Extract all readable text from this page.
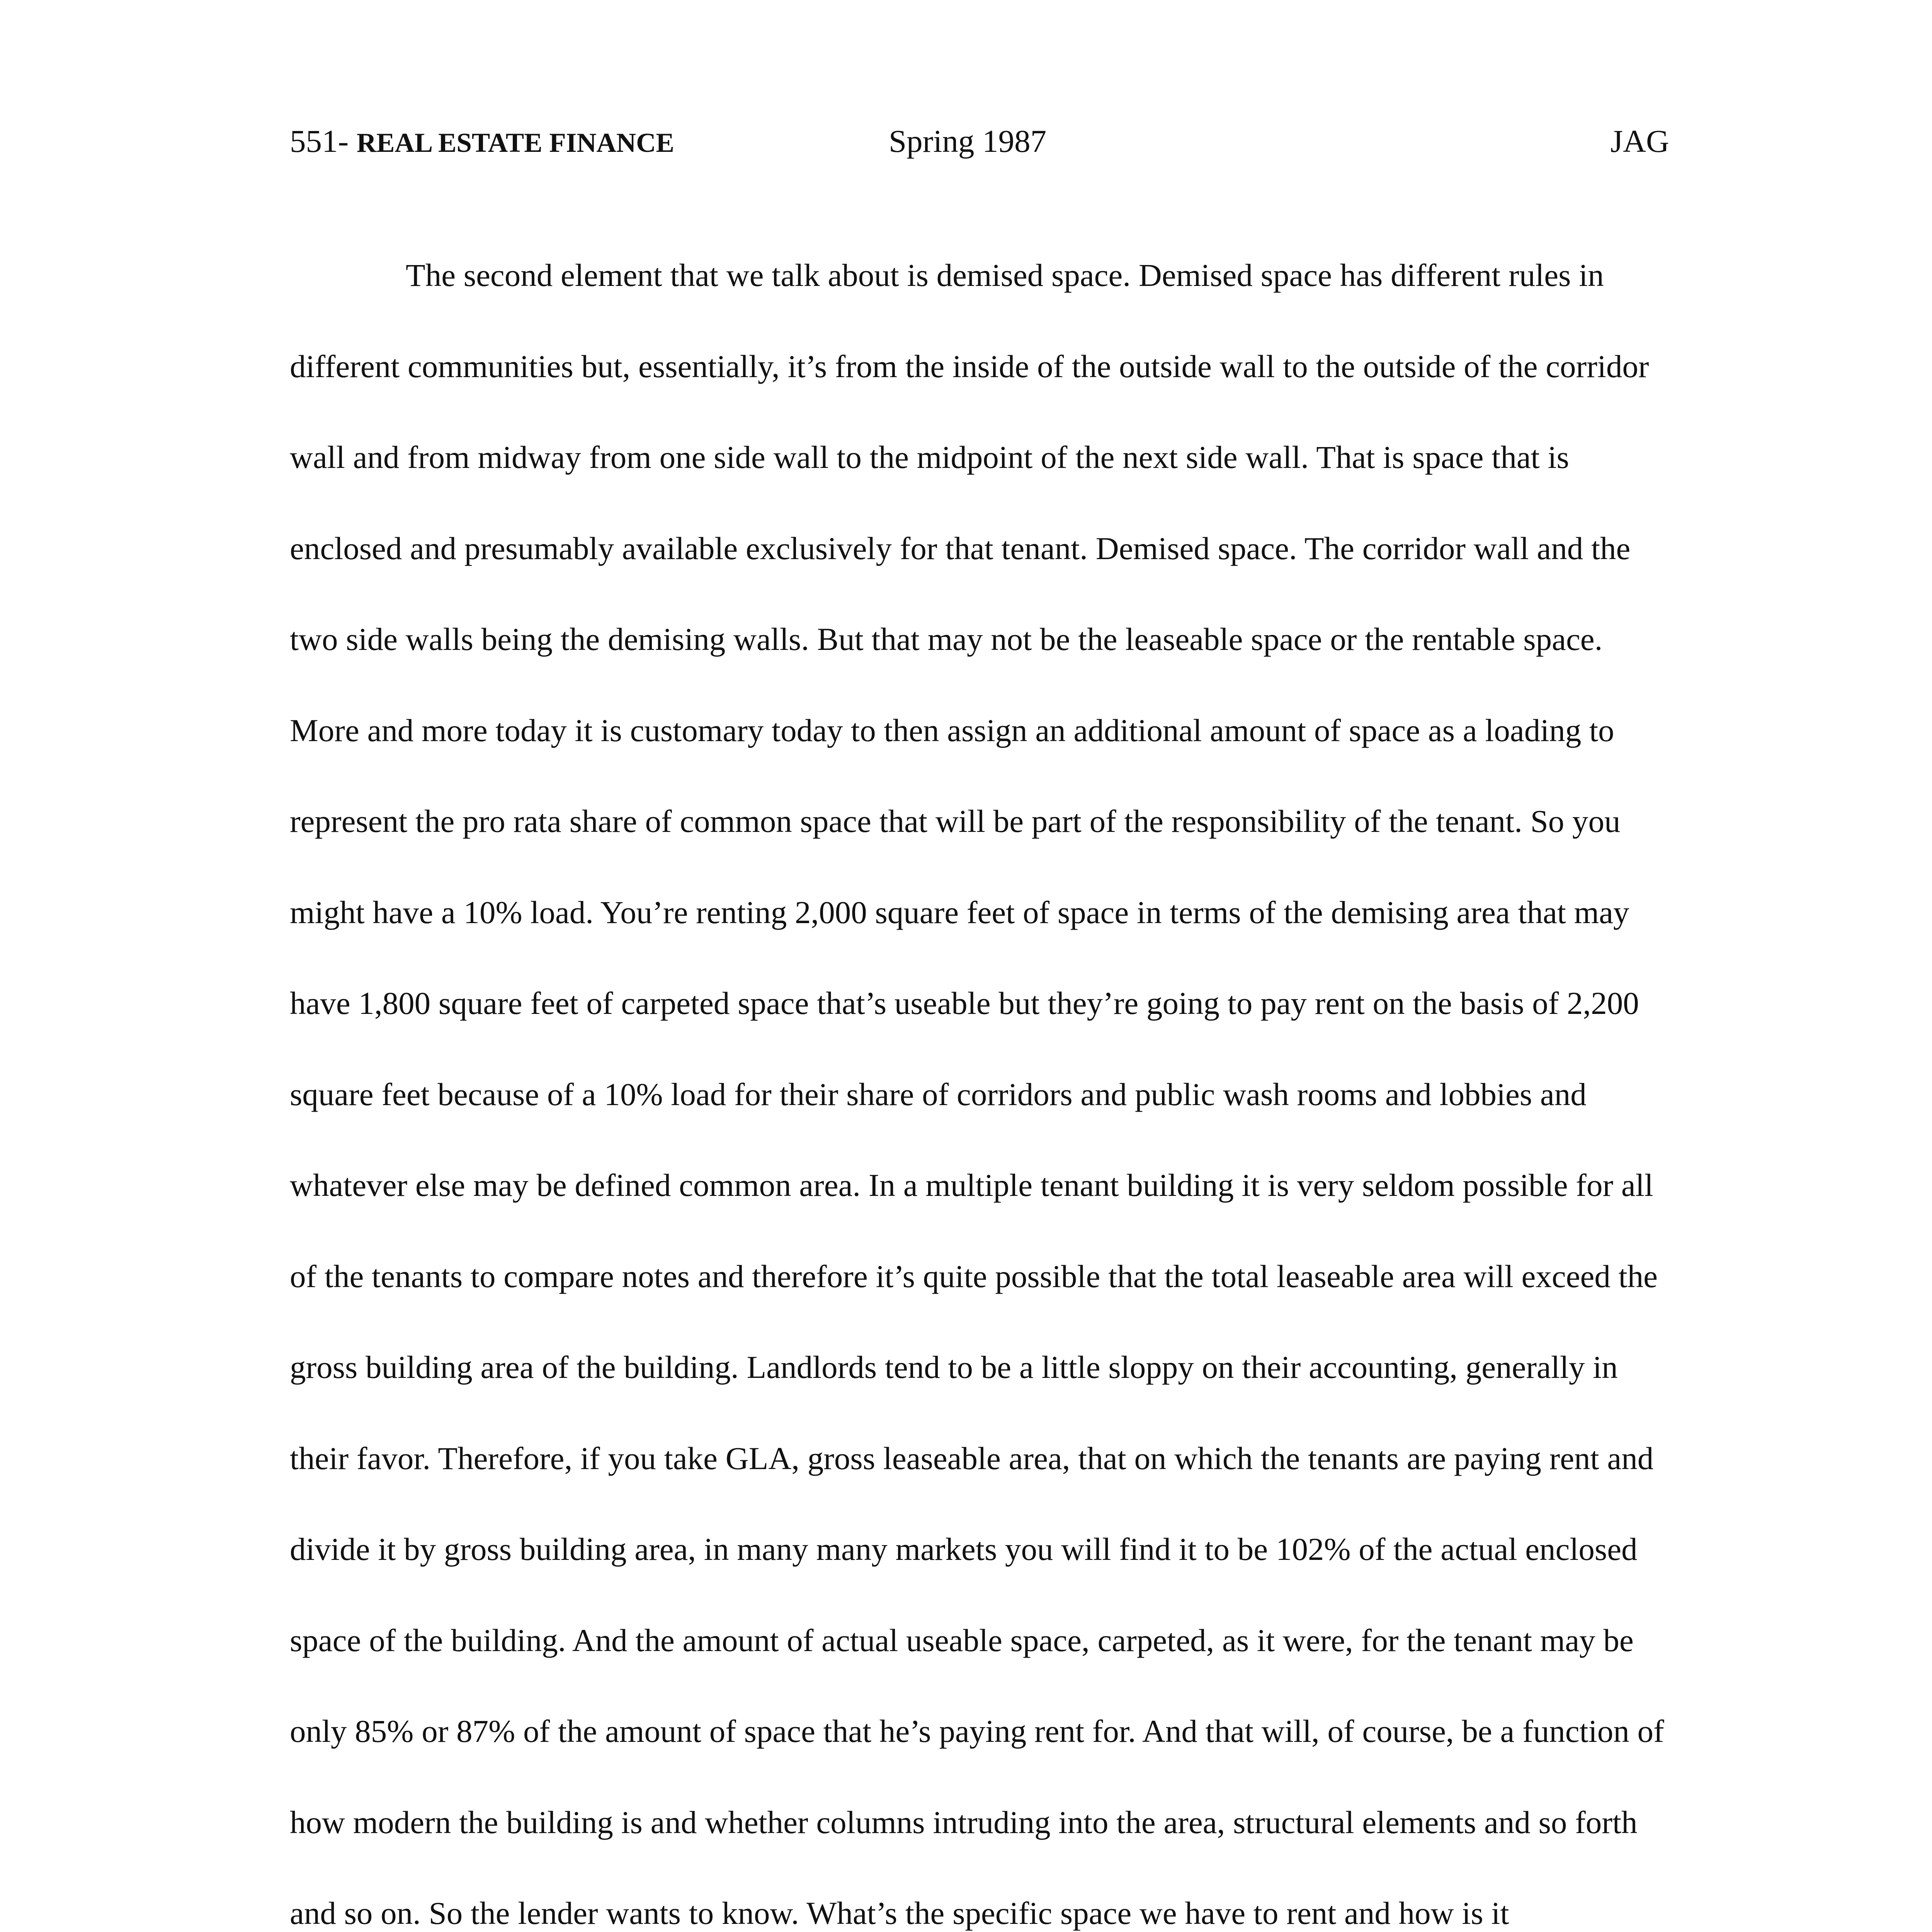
551- REAL ESTATE FINANCE	Spring 1987	JAG

The second element that we talk about is demised space. Demised space has different rules in different communities but, essentially, it’s from the inside of the outside wall to the outside of the corridor wall and from midway from one side wall to the midpoint of the next side wall. That is space that is enclosed and presumably available exclusively for that tenant. Demised space. The corridor wall and the two side walls being the demising walls. But that may not be the leaseable space or the rentable space. More and more today it is customary today to then assign an additional amount of space as a loading to represent the pro rata share of common space that will be part of the responsibility of the tenant. So you might have a 10% load. You’re renting 2,000 square feet of space in terms of the demising area that may have 1,800 square feet of carpeted space that’s useable but they’re going to pay rent on the basis of 2,200 square feet because of a 10% load for their share of corridors and public wash rooms and lobbies and whatever else may be defined common area. In a multiple tenant building it is very seldom possible for all of the tenants to compare notes and therefore it’s quite possible that the total leaseable area will exceed the gross building area of the building. Landlords tend to be a little sloppy on their accounting, generally in their favor. Therefore, if you take GLA, gross leaseable area, that on which the tenants are paying rent and divide it by gross building area, in many many markets you will find it to be 102% of the actual enclosed space of the building. And the amount of actual useable space, carpeted, as it were, for the tenant may be only 85% or 87% of the amount of space that he’s paying rent for. And that will, of course, be a function of how modern the building is and whether columns intruding into the area, structural elements and so forth and so on. So the lender wants to know. What’s the specific space we have to rent and how is it
